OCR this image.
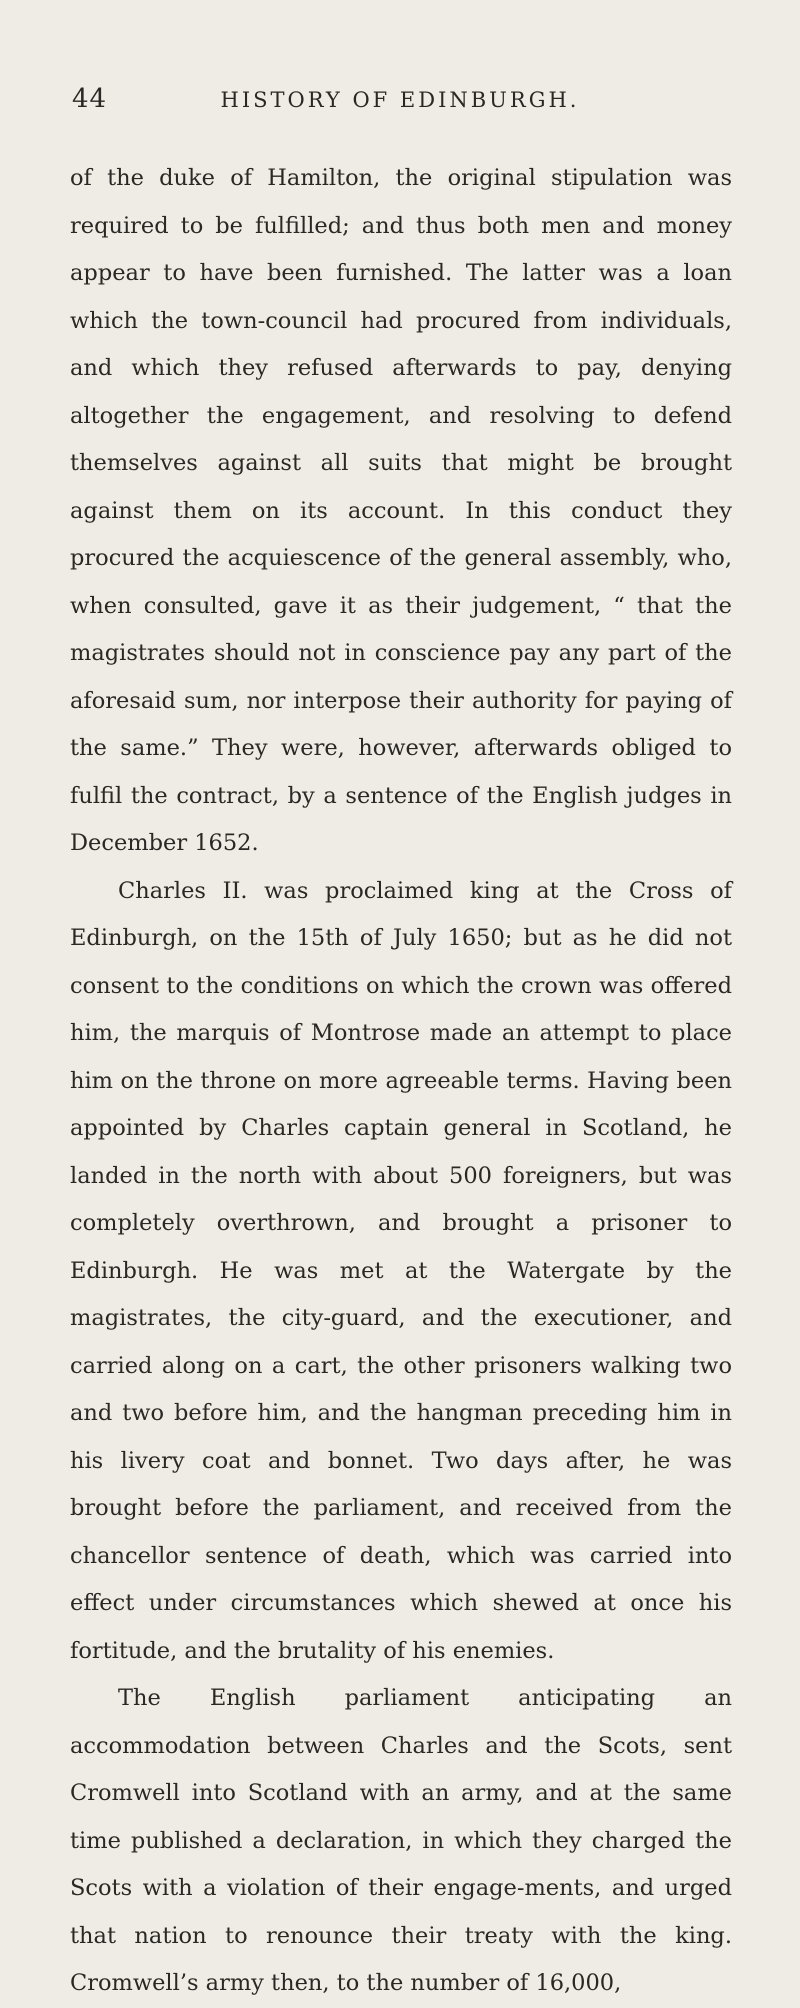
44	HISTORY OF EDINBURGH.

of the duke of Hamilton, the original stipulation was required to be fulfilled; and thus both men and money appear to have been furnished. The latter was a loan which the town-council had procured from individuals, and which they refused afterwards to pay, denying altogether the engagement, and resolving to defend themselves against all suits that might be brought against them on its account. In this conduct they procured the acquiescence of the general assembly, who, when consulted, gave it as their judgement, “ that the magistrates should not in conscience pay any part of the aforesaid sum, nor interpose their authority for paying of the same.” They were, however, afterwards obliged to fulfil the contract, by a sentence of the English judges in December 1652.

Charles II. was proclaimed king at the Cross of Edinburgh, on the 15th of July 1650; but as he did not consent to the conditions on which the crown was offered him, the marquis of Montrose made an attempt to place him on the throne on more agreeable terms. Having been appointed by Charles captain general in Scotland, he landed in the north with about 500 foreigners, but was completely overthrown, and brought a prisoner to Edinburgh. He was met at the Watergate by the magistrates, the city-guard, and the executioner, and carried along on a cart, the other prisoners walking two and two before him, and the hangman preceding him in his livery coat and bonnet. Two days after, he was brought before the parliament, and received from the chancellor sentence of death, which was carried into effect under circumstances which shewed at once his fortitude, and the brutality of his enemies.

The English parliament anticipating an accommodation between Charles and the Scots, sent Cromwell into Scotland with an army, and at the same time published a declaration, in which they charged the Scots with a violation of their engage-ments, and urged that nation to renounce their treaty with the king. Cromwell’s army then, to the number of 16,000,
